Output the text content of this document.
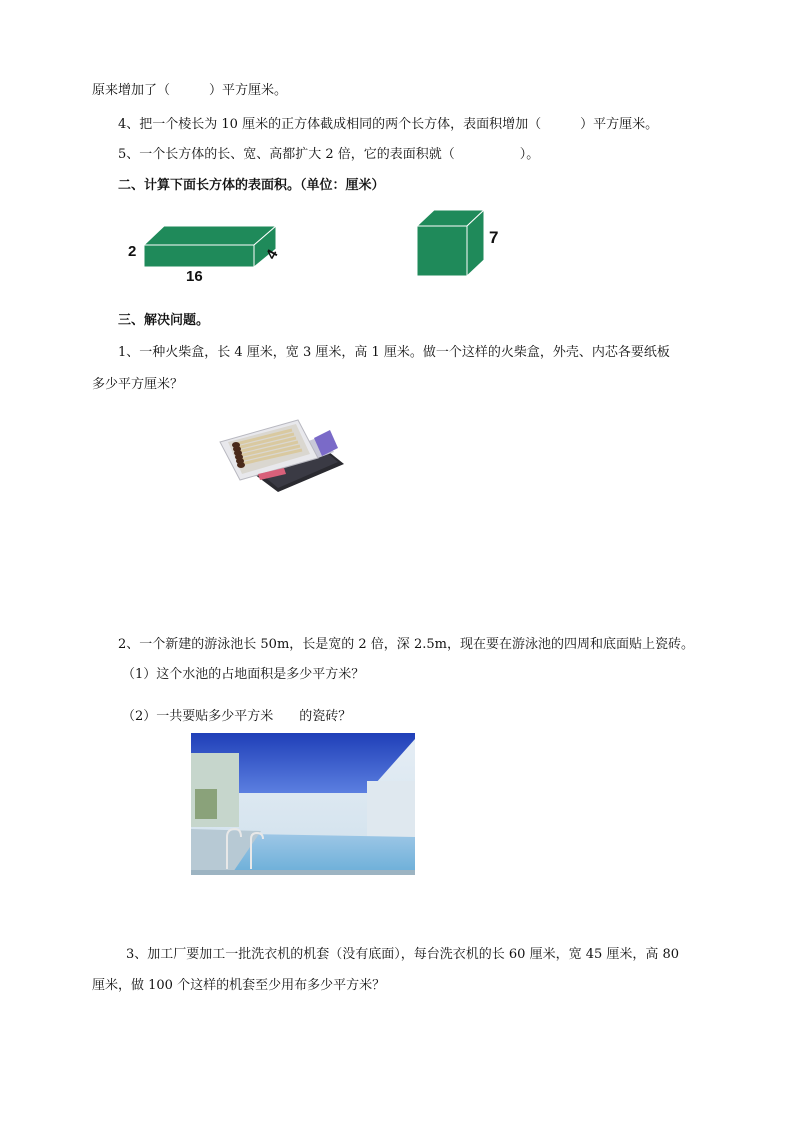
原来增加了（　　　）平方厘米。
4、把一个棱长为 10 厘米的正方体截成相同的两个长方体，表面积增加（　　　）平方厘米。
5、一个长方体的长、宽、高都扩大 2 倍，它的表面积就（　　　　　）。
二、计算下面长方体的表面积。（单位：厘米）
2
16
4
7
三、解决问题。
1、一种火柴盒，长 4 厘米，宽 3 厘米，高 1 厘米。做一个这样的火柴盒，外壳、内芯各要纸板
多少平方厘米？
2、一个新建的游泳池长 50m，长是宽的 2 倍，深 2.5m，现在要在游泳池的四周和底面贴上瓷砖。
（1）这个水池的占地面积是多少平方米？
（2）一共要贴多少平方米　　的瓷砖？
3、加工厂要加工一批洗衣机的机套（没有底面），每台洗衣机的长 60 厘米，宽 45 厘米，高 80
厘米，做 100 个这样的机套至少用布多少平方米？
